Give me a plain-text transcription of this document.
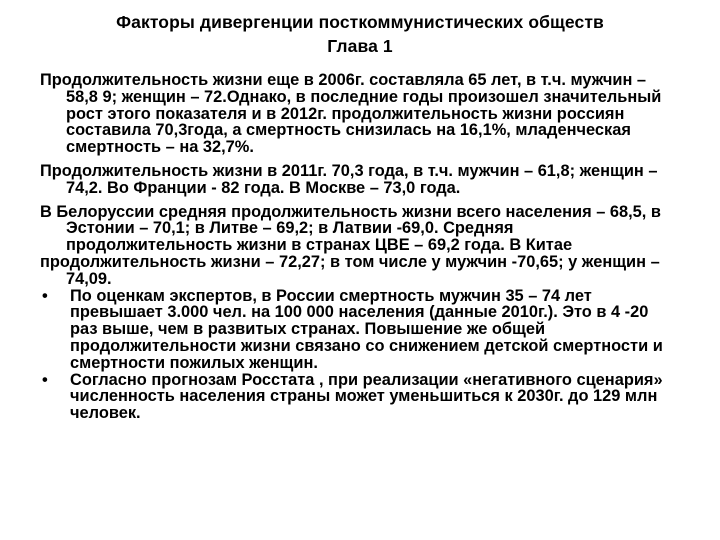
Факторы дивергенции посткоммунистических обществ
Глава 1

Продолжительность жизни еще в 2006г. составляла 65 лет, в т.ч. мужчин – 58,8 9; женщин – 72.Однако, в последние годы произошел значительный рост этого показателя и в 2012г. продолжительность жизни россиян составила 70,3года, а смертность снизилась на 16,1%, младенческая смертность – на 32,7%.

Продолжительность жизни в 2011г. 70,3 года, в т.ч. мужчин – 61,8; женщин – 74,2. Во Франции - 82 года. В Москве – 73,0 года.

В Белоруссии средняя продолжительность жизни всего населения – 68,5, в Эстонии – 70,1; в Литве – 69,2; в Латвии -69,0. Средняя продолжительность жизни в странах ЦВЕ – 69,2 года. В Китае

продолжительность жизни – 72,27; в том числе у мужчин -70,65; у женщин – 74,09.

•	По оценкам экспертов, в России смертность мужчин 35 – 74 лет превышает 3.000 чел. на 100 000 населения (данные 2010г.). Это в 4 -20 раз выше, чем в развитых странах. Повышение же общей продолжительности жизни связано со снижением детской смертности и смертности пожилых женщин.
•	Согласно прогнозам Росстата , при реализации «негативного сценария» численность населения страны может уменьшиться к 2030г. до 129 млн человек.
